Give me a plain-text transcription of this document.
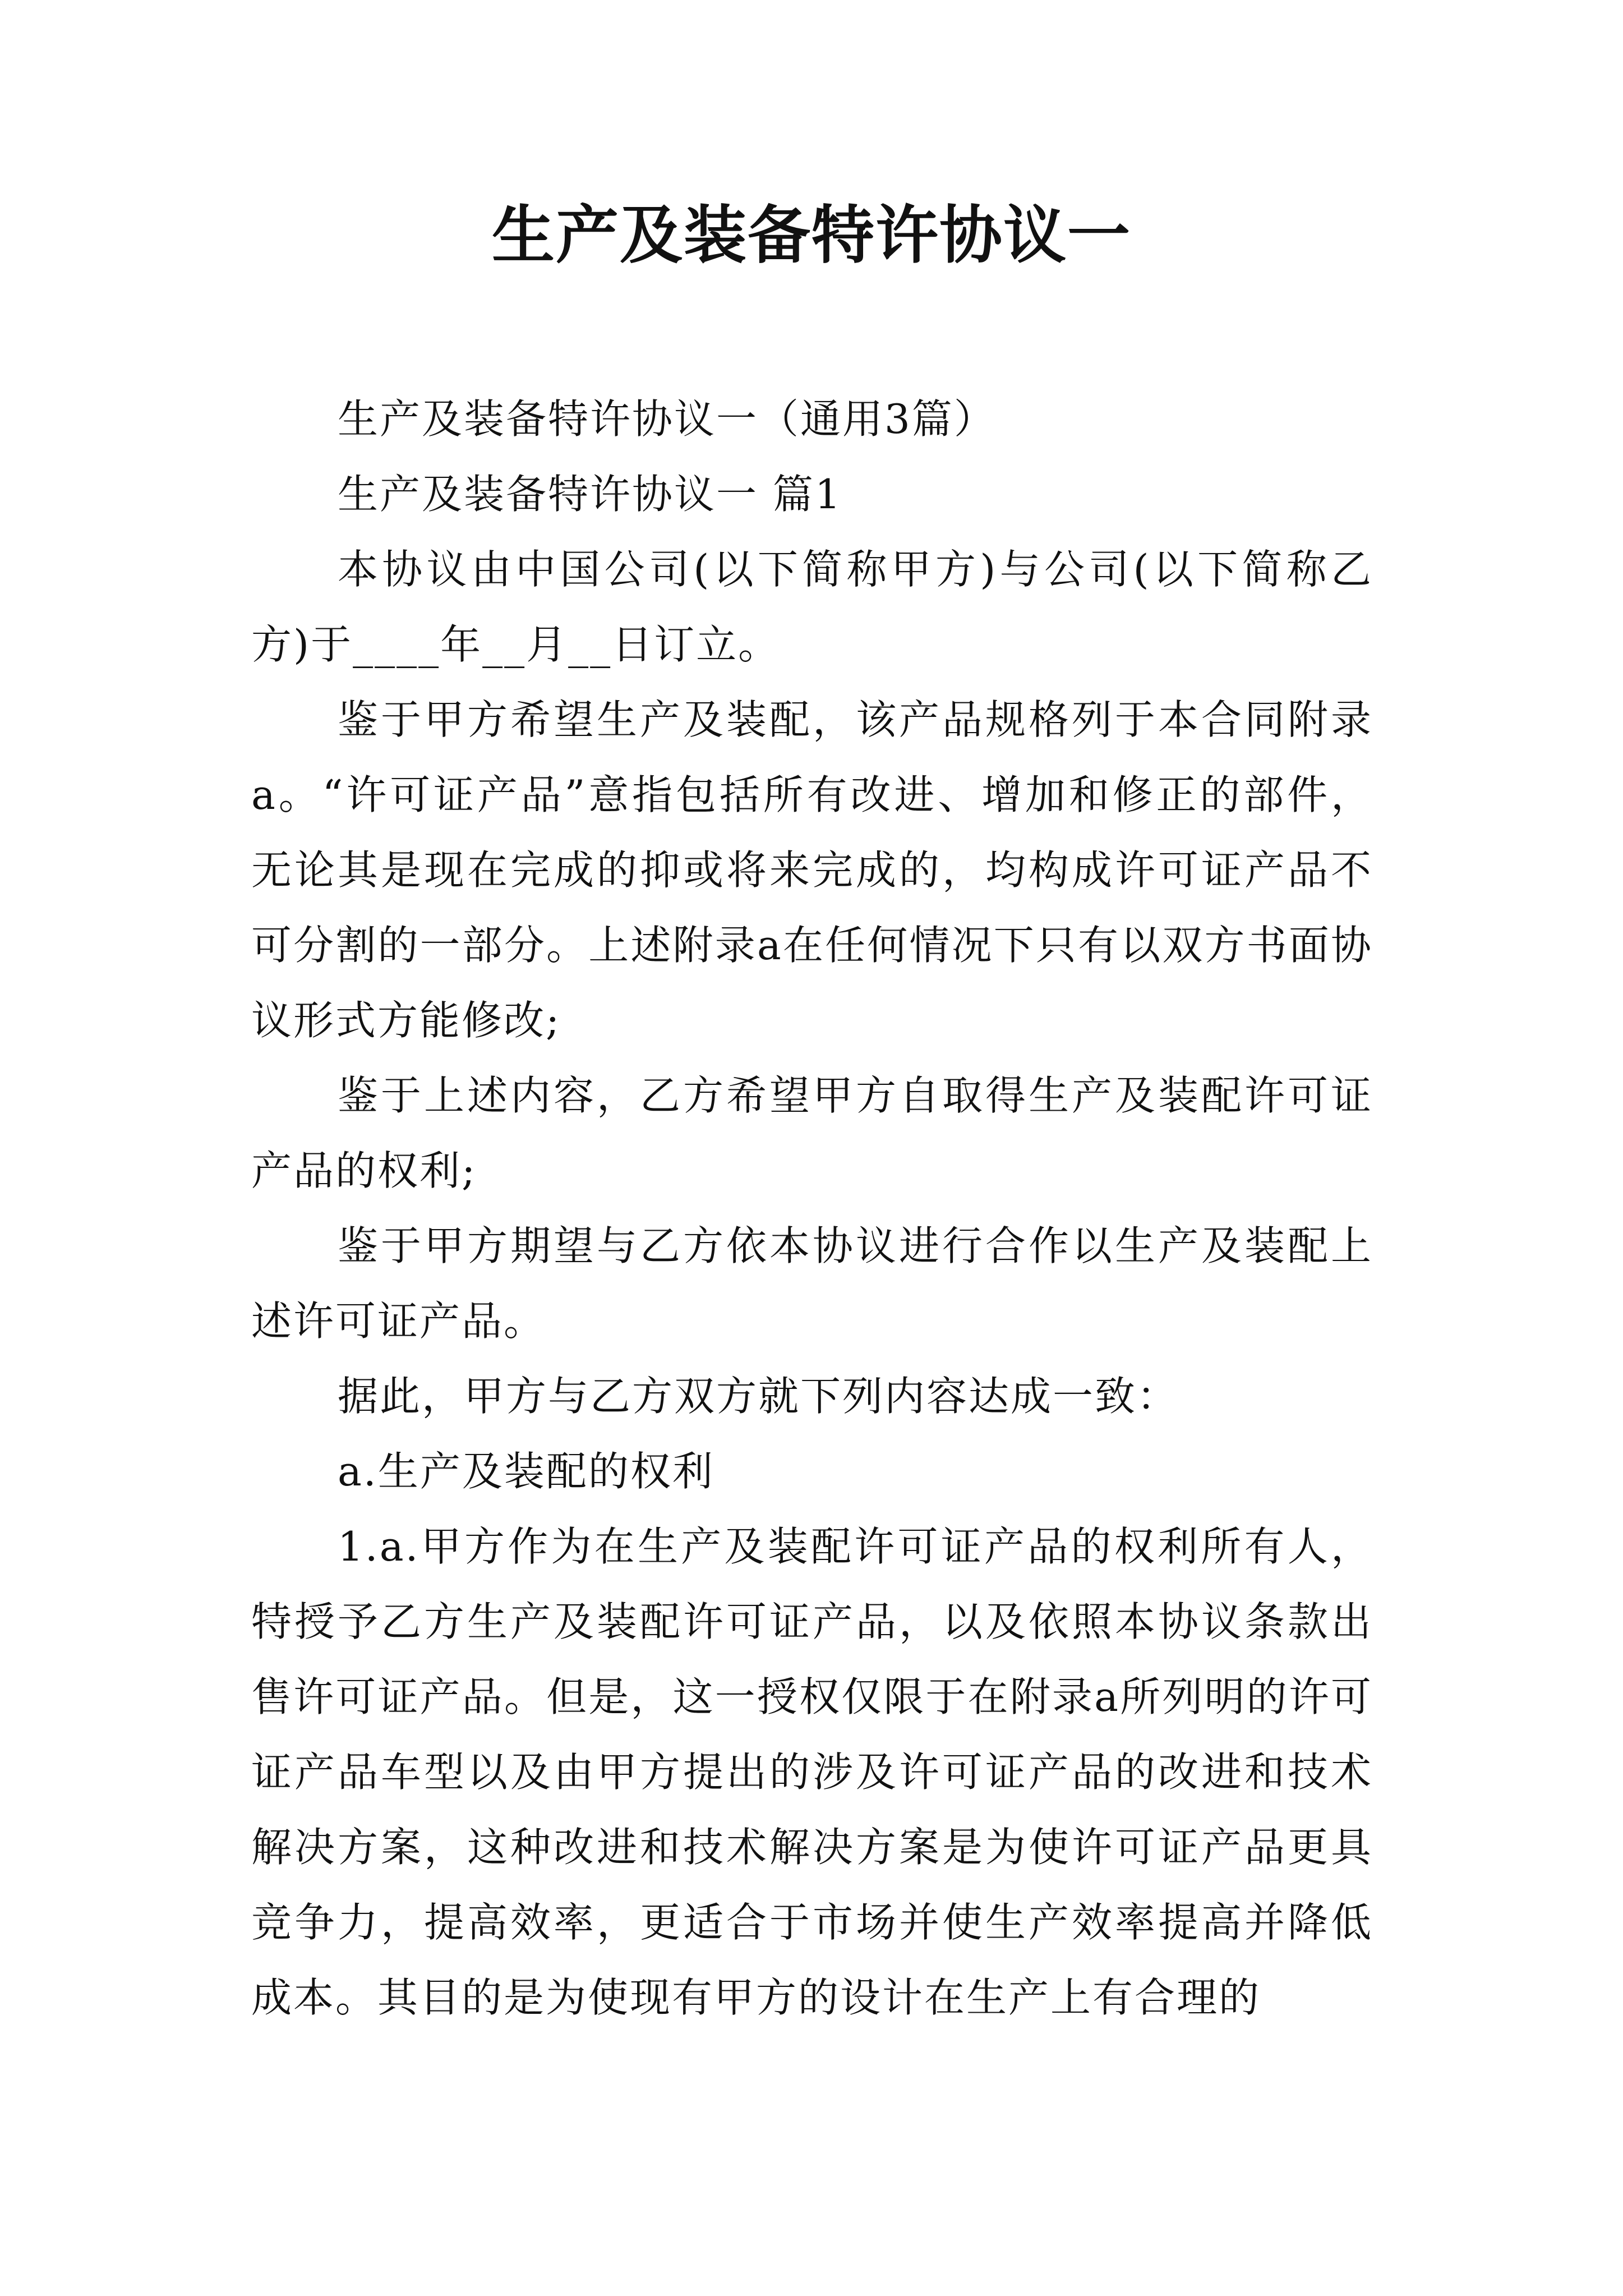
生产及装备特许协议一

生产及装备特许协议一（通用3篇）

生产及装备特许协议一 篇1

本协议由中国公司(以下简称甲方)与公司(以下简称乙方)于____年__月__日订立。

鉴于甲方希望生产及装配，该产品规格列于本合同附录a。“许可证产品”意指包括所有改进、增加和修正的部件，无论其是现在完成的抑或将来完成的，均构成许可证产品不可分割的一部分。上述附录a在任何情况下只有以双方书面协议形式方能修改;

鉴于上述内容，乙方希望甲方自取得生产及装配许可证产品的权利;

鉴于甲方期望与乙方依本协议进行合作以生产及装配上述许可证产品。

据此，甲方与乙方双方就下列内容达成一致：

a.生产及装配的权利

1.a.甲方作为在生产及装配许可证产品的权利所有人，特授予乙方生产及装配许可证产品，以及依照本协议条款出售许可证产品。但是，这一授权仅限于在附录a所列明的许可证产品车型以及由甲方提出的涉及许可证产品的改进和技术解决方案，这种改进和技术解决方案是为使许可证产品更具竞争力，提高效率，更适合于市场并使生产效率提高并降低成本。其目的是为使现有甲方的设计在生产上有合理的
